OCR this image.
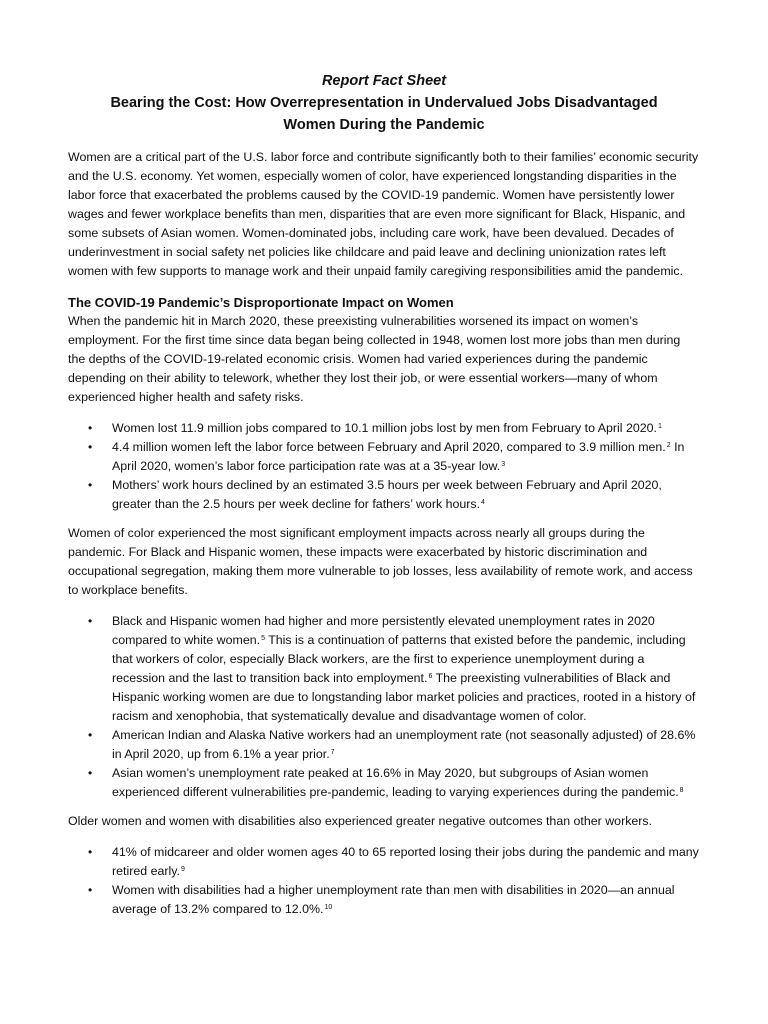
Report Fact Sheet
Bearing the Cost: How Overrepresentation in Undervalued Jobs Disadvantaged
Women During the Pandemic

Women are a critical part of the U.S. labor force and contribute significantly both to their families’ economic security and the U.S. economy. Yet women, especially women of color, have experienced longstanding disparities in the labor force that exacerbated the problems caused by the COVID-19 pandemic. Women have persistently lower wages and fewer workplace benefits than men, disparities that are even more significant for Black, Hispanic, and some subsets of Asian women. Women-dominated jobs, including care work, have been devalued. Decades of underinvestment in social safety net policies like childcare and paid leave and declining unionization rates left women with few supports to manage work and their unpaid family caregiving responsibilities amid the pandemic.

The COVID-19 Pandemic’s Disproportionate Impact on Women

When the pandemic hit in March 2020, these preexisting vulnerabilities worsened its impact on women’s employment. For the first time since data began being collected in 1948, women lost more jobs than men during the depths of the COVID-19-related economic crisis. Women had varied experiences during the pandemic depending on their ability to telework, whether they lost their job, or were essential workers—many of whom experienced higher health and safety risks.

• Women lost 11.9 million jobs compared to 10.1 million jobs lost by men from February to April 2020.$^1$
• 4.4 million women left the labor force between February and April 2020, compared to 3.9 million men.$^2$ In April 2020, women’s labor force participation rate was at a 35-year low.$^3$
• Mothers’ work hours declined by an estimated 3.5 hours per week between February and April 2020, greater than the 2.5 hours per week decline for fathers’ work hours.$^4$

Women of color experienced the most significant employment impacts across nearly all groups during the pandemic. For Black and Hispanic women, these impacts were exacerbated by historic discrimination and occupational segregation, making them more vulnerable to job losses, less availability of remote work, and access to workplace benefits.

• Black and Hispanic women had higher and more persistently elevated unemployment rates in 2020 compared to white women.$^5$ This is a continuation of patterns that existed before the pandemic, including that workers of color, especially Black workers, are the first to experience unemployment during a recession and the last to transition back into employment.$^6$ The preexisting vulnerabilities of Black and Hispanic working women are due to longstanding labor market policies and practices, rooted in a history of racism and xenophobia, that systematically devalue and disadvantage women of color.
• American Indian and Alaska Native workers had an unemployment rate (not seasonally adjusted) of 28.6% in April 2020, up from 6.1% a year prior.$^7$
• Asian women’s unemployment rate peaked at 16.6% in May 2020, but subgroups of Asian women experienced different vulnerabilities pre-pandemic, leading to varying experiences during the pandemic.$^8$

Older women and women with disabilities also experienced greater negative outcomes than other workers.

• 41% of midcareer and older women ages 40 to 65 reported losing their jobs during the pandemic and many retired early.$^9$
• Women with disabilities had a higher unemployment rate than men with disabilities in 2020—an annual average of 13.2% compared to 12.0%.$^{10}$
